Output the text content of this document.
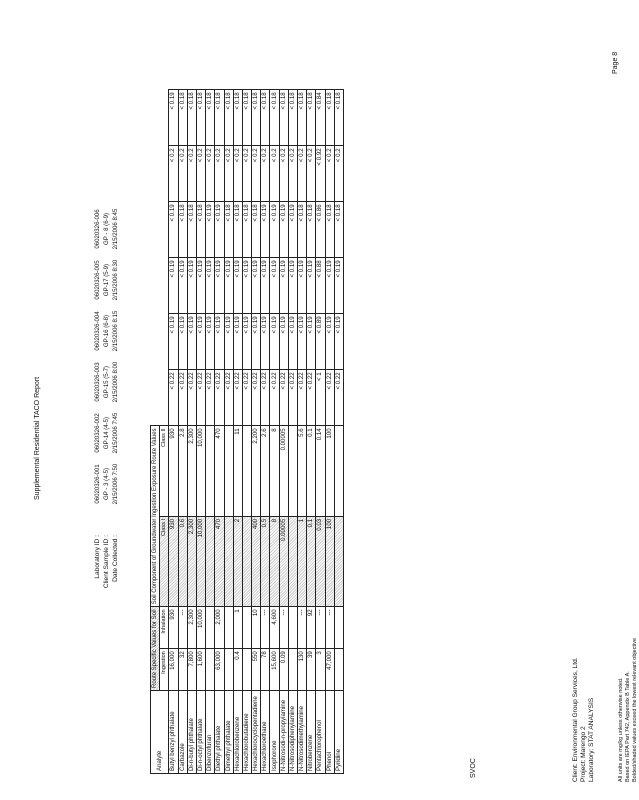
Supplemental Residential TACO Report
Client: Environmental Group Services, Ltd. Project: Marengo 2 Laboratory: STAT ANALYSIS
Laboratory ID : Client Sample ID : Date Collected :
06020326-001 GP - 3 (4-5) 2/15/2006 7:50
06020326-002 GP-14 (4-5) 2/15/2006 7:45
06020326-003 GP-15 (5-7) 2/15/2006 8:00
06020326-004 GP-16 (6-8) 2/15/2006 8:15
06020326-005 GP-17 (5-9) 2/15/2006 8:30
06020326-006 GP - 8 (6-9) 2/15/2006 8:45
SVOC
Analyte	Route Specific Values for Soil		Soil Component of Groundwater Ingestion Exposure Route Values							
	Ingestion	Inhalation	Class I	Class II						
Butyl benzyl phthalate	16,000	930	930	930	< 0.22	< 0.19	< 0.19	< 0.19	< 0.2	< 0.19
Carbazole	32	---	0.6	2.8	< 0.22	< 0.19	< 0.19	< 0.18	< 0.2	< 0.18
Di-n-butyl phthalate	7,800	2,300	2,300	2,300	< 0.22	< 0.19	< 0.19	< 0.18	< 0.2	< 0.18
Di-n-octyl phthalate	1,600	10,000	10,000	10,000	< 0.22	< 0.19	< 0.19	< 0.18	< 0.2	< 0.18
Dibenzofuran					< 0.22	< 0.19	< 0.19	< 0.19	< 0.2	< 0.18
Diethyl phthalate	63,000	2,000	470	470	< 0.22	< 0.19	< 0.19	< 0.19	< 0.2	< 0.18
Dimethyl phthalate					< 0.22	< 0.19	< 0.19	< 0.18	< 0.2	< 0.18
Hexachlorobenzene	0.4	1	2	11	< 0.22	< 0.19	< 0.19	< 0.18	< 0.2	< 0.18
Hexachlorobutadiene					< 0.22	< 0.19	< 0.19	< 0.18	< 0.2	< 0.18
Hexachlorocyclopentadiene	550	10	400	2,200	< 0.22	< 0.19	< 0.19	< 0.18	< 0.2	< 0.18
Hexachloroethane	78	---	0.5	2.6	< 0.22	< 0.19	< 0.19	< 0.19	< 0.2	< 0.18
Isophorone	15,600	4,600	8	8	< 0.22	< 0.19	< 0.19	< 0.19	< 0.2	< 0.18
N-Nitrosodi-n-propylamine	0.09	---	0.00005	0.00005	< 0.22	< 0.19	< 0.19	< 0.19	< 0.2	< 0.18
N-Nitrosodiphenylamine					< 0.22	< 0.19	< 0.19	< 0.19	< 0.2	< 0.18
N-Nitrosodimethylamine	130	---	1	5.6	< 0.22	< 0.19	< 0.19	< 0.18	< 0.2	< 0.18
Nitrobenzene	39	92	0.1	0.1	< 0.22	< 0.19	< 0.19	< 0.18	< 0.2	< 0.18
Pentachlorophenol	3	---	0.03	0.14	< 1	< 0.89	< 0.88	< 0.86	< 0.92	< 0.84
Phenol	47,000	---	100	100	< 0.22	< 0.19	< 0.19	< 0.18	< 0.2	< 0.18
Pyridine					< 0.22	< 0.19	< 0.19	< 0.18	< 0.2	< 0.18
All units are mg/kg unless otherwise noted. Based on IEPA Part 742, Appendix B Table A. Bolded/shaded values exceed the lowest relevant objective
Page 8
